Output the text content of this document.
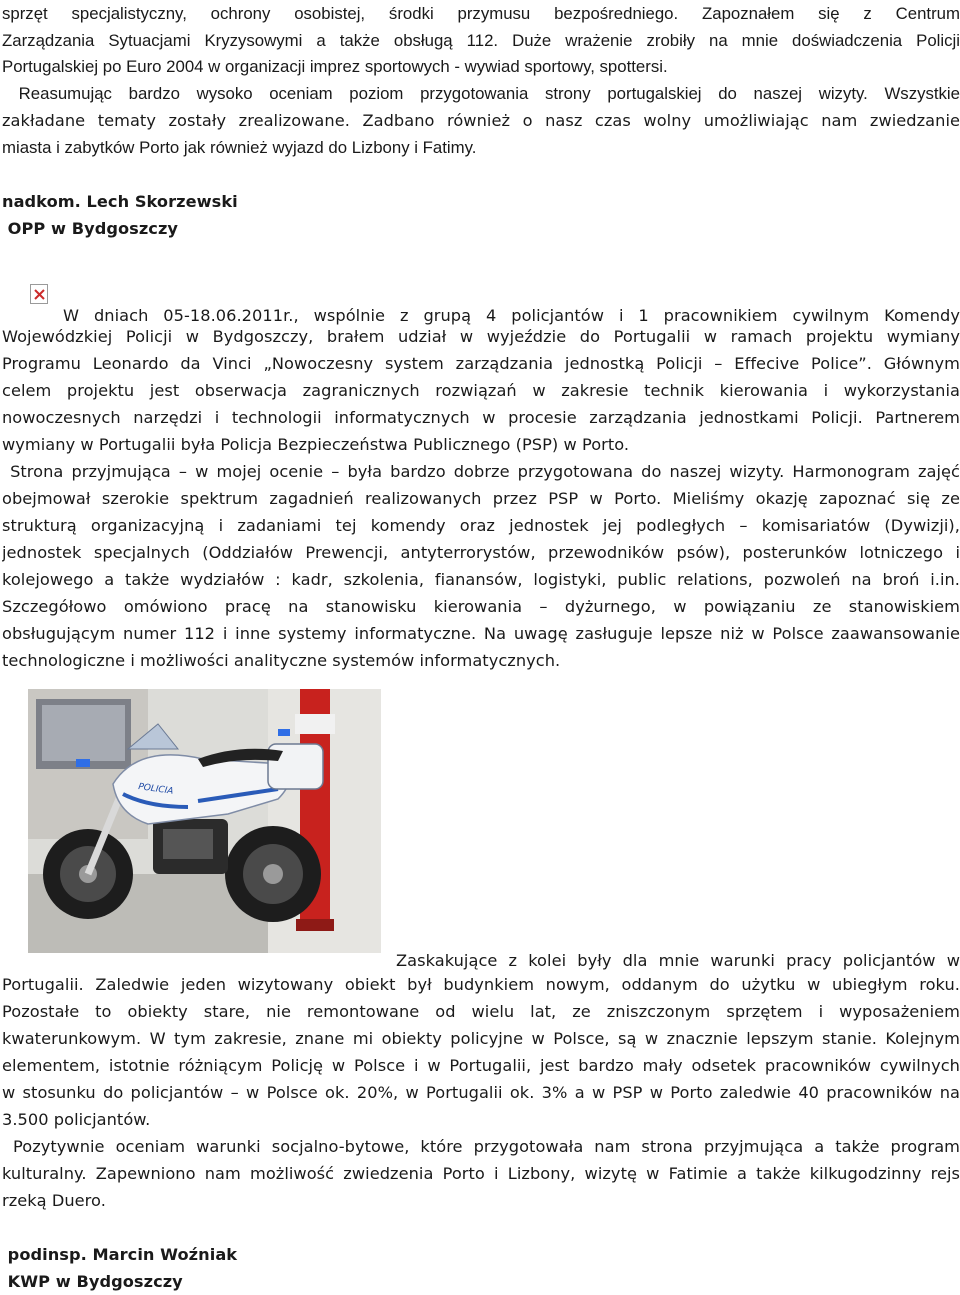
sprzęt specjalistyczny, ochrony osobistej, środki przymusu bezpośredniego. Zapoznałem się z Centrum
Zarządzania Sytuacjami Kryzysowymi a także obsługą 112. Duże wrażenie zrobiły na mnie doświadczenia Policji
Portugalskiej po Euro 2004 w organizacji imprez sportowych - wywiad sportowy, spottersi.
Reasumując bardzo wysoko oceniam poziom przygotowania strony portugalskiej do naszej wizyty. Wszystkie
zakładane tematy zostały zrealizowane. Zadbano również o nasz czas wolny umożliwiając nam zwiedzanie
miasta i zabytków Porto jak również wyjazd do Lizbony i Fatimy.
nadkom. Lech Skorzewski
OPP w Bydgoszczy
W dniach 05-18.06.2011r., wspólnie z grupą 4 policjantów i 1 pracownikiem cywilnym Komendy
Wojewódzkiej Policji w Bydgoszczy, brałem udział w wyjeździe do Portugalii w ramach projektu wymiany
Programu Leonardo da Vinci „Nowoczesny system zarządzania jednostką Policji – Effecive Police”. Głównym
celem projektu jest obserwacja zagranicznych rozwiązań w zakresie technik kierowania i wykorzystania
nowoczesnych narzędzi i technologii informatycznych w procesie zarządzania jednostkami Policji. Partnerem
wymiany w Portugalii była Policja Bezpieczeństwa Publicznego (PSP) w Porto.
Strona przyjmująca – w mojej ocenie – była bardzo dobrze przygotowana do naszej wizyty. Harmonogram zajęć
obejmował szerokie spektrum zagadnień realizowanych przez PSP w Porto. Mieliśmy okazję zapoznać się ze
strukturą organizacyjną i zadaniami tej komendy oraz jednostek jej podległych – komisariatów (Dywizji),
jednostek specjalnych (Oddziałów Prewencji, antyterrorystów, przewodników psów), posterunków lotniczego i
kolejowego a także wydziałów : kadr, szkolenia, fianansów, logistyki, public relations, pozwoleń na broń i.in.
Szczegółowo omówiono pracę na stanowisku kierowania – dyżurnego, w powiązaniu ze stanowiskiem
obsługującym numer 112 i inne systemy informatyczne. Na uwagę zasługuje lepsze niż w Polsce zaawansowanie
technologiczne i możliwości analityczne systemów informatycznych.
POLICIA
Zaskakujące z kolei były dla mnie warunki pracy policjantów w
Portugalii. Zaledwie jeden wizytowany obiekt był budynkiem nowym, oddanym do użytku w ubiegłym roku.
Pozostałe to obiekty stare, nie remontowane od wielu lat, ze zniszczonym sprzętem i wyposażeniem
kwaterunkowym. W tym zakresie, znane mi obiekty policyjne w Polsce, są w znacznie lepszym stanie. Kolejnym
elementem, istotnie różniącym Policję w Polsce i w Portugalii, jest bardzo mały odsetek pracowników cywilnych
w stosunku do policjantów – w Polsce ok. 20%, w Portugalii ok. 3% a w PSP w Porto zaledwie 40 pracowników na
3.500 policjantów.
Pozytywnie oceniam warunki socjalno-bytowe, które przygotowała nam strona przyjmująca a także program
kulturalny. Zapewniono nam możliwość zwiedzenia Porto i Lizbony, wizytę w Fatimie a także kilkugodzinny rejs
rzeką Duero.
podinsp. Marcin Woźniak
KWP w Bydgoszczy
